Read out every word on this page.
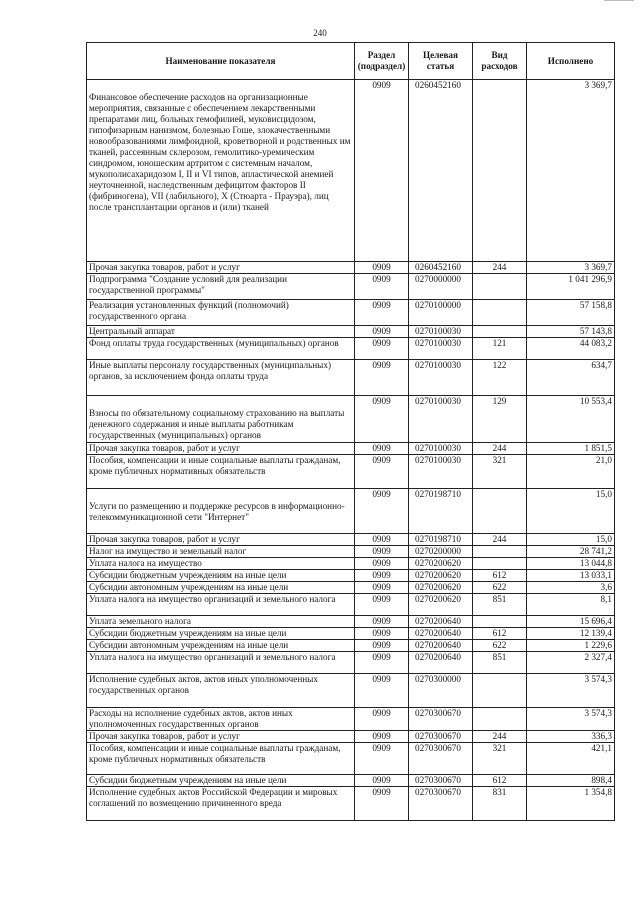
240
Наименование показателя	Раздел (подраздел)	Целевая статья	Вид расходов	Исполнено
Финансовое обеспечение расходов на организационные мероприятия, связанные с обеспечением лекарственными препаратами лиц, больных гемофилией, муковисцидозом, гипофизарным нанизмом, болезнью Гоше, злокачественными новообразованиями лимфоидной, кроветворной и родственных им тканей, рассеянным склерозом, гемолитико-уремическим синдромом, юношеским артритом с системным началом, мукополисахаридозом I, II и VI типов, апластической анемией неуточненной, наследственным дефицитом факторов II (фибриногена), VII (лабильного), X (Стюарта - Прауэра), лиц после трансплантации органов и (или) тканей	0909	0260452160		3 369,7
Прочая закупка товаров, работ и услуг	0909	0260452160	244	3 369,7
Подпрограмма "Создание условий для реализации государственной программы"	0909	0270000000		1 041 296,9
Реализация установленных функций (полномочий) государственного органа	0909	0270100000		57 158,8
Центральный аппарат	0909	0270100030		57 143,8
Фонд оплаты труда государственных (муниципальных) органов	0909	0270100030	121	44 083,2
Иные выплаты персоналу государственных (муниципальных) органов, за исключением фонда оплаты труда	0909	0270100030	122	634,7
Взносы по обязательному социальному страхованию на выплаты денежного содержания и иные выплаты работникам государственных (муниципальных) органов	0909	0270100030	129	10 553,4
Прочая закупка товаров, работ и услуг	0909	0270100030	244	1 851,5
Пособия, компенсации и иные социальные выплаты гражданам, кроме публичных нормативных обязательств	0909	0270100030	321	21,0
Услуги по размещению и поддержке ресурсов в информационно-телекоммуникационной сети "Интернет"	0909	0270198710		15,0
Прочая закупка товаров, работ и услуг	0909	0270198710	244	15,0
Налог на имущество и земельный налог	0909	0270200000		28 741,2
Уплата налога на имущество	0909	0270200620		13 044,8
Субсидии бюджетным учреждениям на иные цели	0909	0270200620	612	13 033,1
Субсидии автономным учреждениям на иные цели	0909	0270200620	622	3,6
Уплата налога на имущество организаций и земельного налога	0909	0270200620	851	8,1
Уплата земельного налога	0909	0270200640		15 696,4
Субсидии бюджетным учреждениям на иные цели	0909	0270200640	612	12 139,4
Субсидии автономным учреждениям на иные цели	0909	0270200640	622	1 229,6
Уплата налога на имущество организаций и земельного налога	0909	0270200640	851	2 327,4
Исполнение судебных актов, актов иных уполномоченных государственных органов	0909	0270300000		3 574,3
Расходы на исполнение судебных актов, актов иных уполномоченных государственных органов	0909	0270300670		3 574,3
Прочая закупка товаров, работ и услуг	0909	0270300670	244	336,3
Пособия, компенсации и иные социальные выплаты гражданам, кроме публичных нормативных обязательств	0909	0270300670	321	421,1
Субсидии бюджетным учреждениям на иные цели	0909	0270300670	612	898,4
Исполнение судебных актов Российской Федерации и мировых соглашений по возмещению причиненного вреда	0909	0270300670	831	1 354,8
